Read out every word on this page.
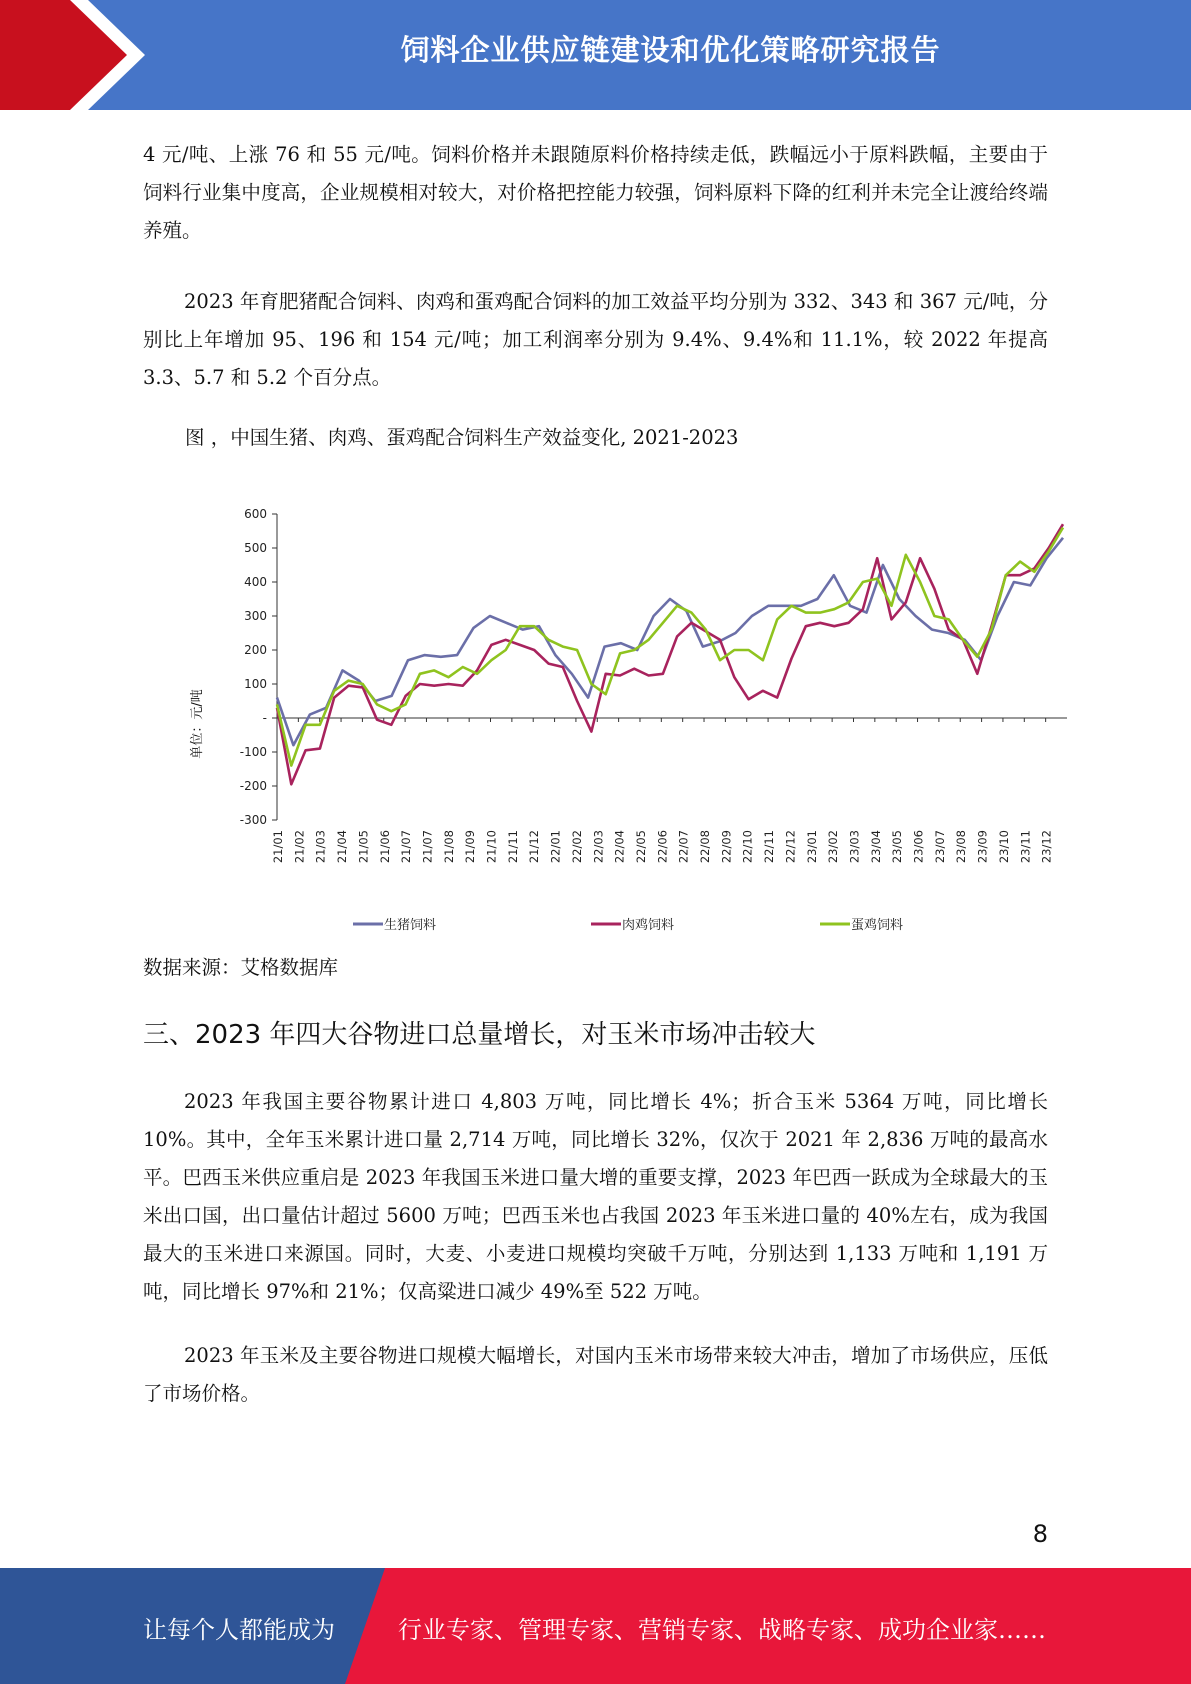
饲料企业供应链建设和优化策略研究报告

4 元/吨、上涨 76 和 55 元/吨。饲料价格并未跟随原料价格持续走低，跌幅远小于原料跌幅，主要由于饲料行业集中度高，企业规模相对较大，对价格把控能力较强，饲料原料下降的红利并未完全让渡给终端养殖。

2023 年育肥猪配合饲料、肉鸡和蛋鸡配合饲料的加工效益平均分别为 332、343 和 367 元/吨，分别比上年增加 95、196 和 154 元/吨；加工利润率分别为 9.4%、9.4%和 11.1%，较 2022 年提高 3.3、5.7 和 5.2 个百分点。

图 ，中国生猪、肉鸡、蛋鸡配合饲料生产效益变化, 2021-2023

单位：元/吨
600
500
400
300
200
100
-
-100
-200
-300
21/01 21/02 21/03 21/04 21/05 21/06 21/07 21/07 21/08 21/09 21/10 21/11 21/12 22/01 22/02 22/03 22/04 22/05 22/06 22/07 22/08 22/09 22/10 22/11 22/12 23/01 23/02 23/03 23/04 23/05 23/06 23/07 23/08 23/09 23/10 23/11 23/12
生猪饲料	肉鸡饲料	蛋鸡饲料

数据来源：艾格数据库

三、2023 年四大谷物进口总量增长，对玉米市场冲击较大

2023 年我国主要谷物累计进口 4,803 万吨，同比增长 4%；折合玉米 5364 万吨，同比增长 10%。其中，全年玉米累计进口量 2,714 万吨，同比增长 32%，仅次于 2021 年 2,836 万吨的最高水平。巴西玉米供应重启是 2023 年我国玉米进口量大增的重要支撑，2023 年巴西一跃成为全球最大的玉米出口国，出口量估计超过 5600 万吨；巴西玉米也占我国 2023 年玉米进口量的 40%左右，成为我国最大的玉米进口来源国。同时，大麦、小麦进口规模均突破千万吨，分别达到 1,133 万吨和 1,191 万吨，同比增长 97%和 21%；仅高粱进口减少 49%至 522 万吨。

2023 年玉米及主要谷物进口规模大幅增长，对国内玉米市场带来较大冲击，增加了市场供应，压低了市场价格。

8
让每个人都能成为	行业专家、管理专家、营销专家、战略专家、成功企业家……
